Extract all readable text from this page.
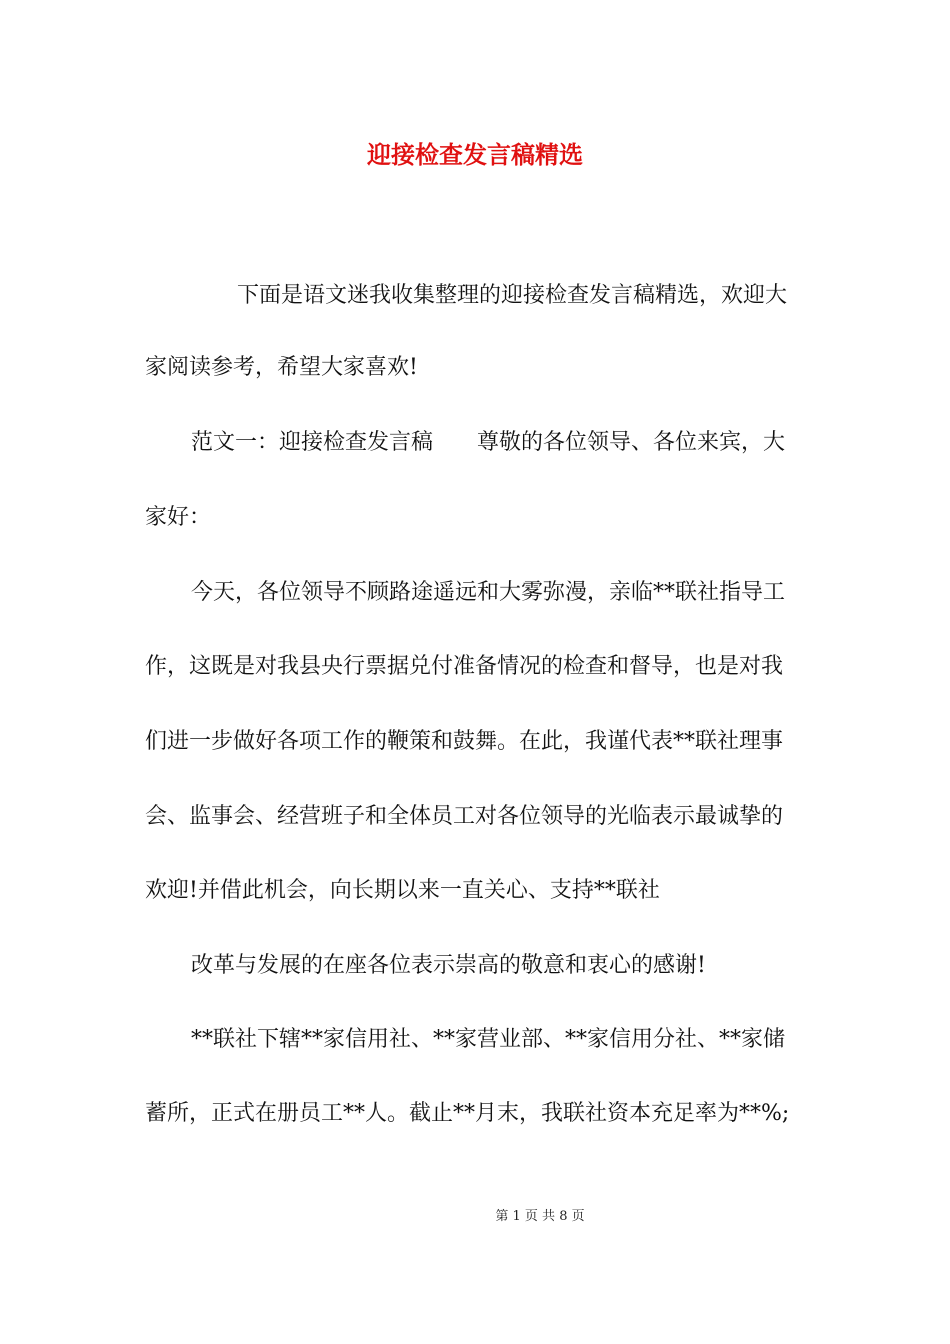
迎接检查发言稿精选
下面是语文迷我收集整理的迎接检查发言稿精选，欢迎大
家阅读参考，希望大家喜欢!
范文一：迎接检查发言稿　　尊敬的各位领导、各位来宾，大
家好：
今天，各位领导不顾路途遥远和大雾弥漫，亲临**联社指导工
作，这既是对我县央行票据兑付准备情况的检查和督导，也是对我
们进一步做好各项工作的鞭策和鼓舞。在此，我谨代表**联社理事
会、监事会、经营班子和全体员工对各位领导的光临表示最诚挚的
欢迎!并借此机会，向长期以来一直关心、支持**联社
改革与发展的在座各位表示崇高的敬意和衷心的感谢!
**联社下辖**家信用社、**家营业部、**家信用分社、**家储
蓄所，正式在册员工**人。截止**月末，我联社资本充足率为**%;
第 1 页 共 8 页
